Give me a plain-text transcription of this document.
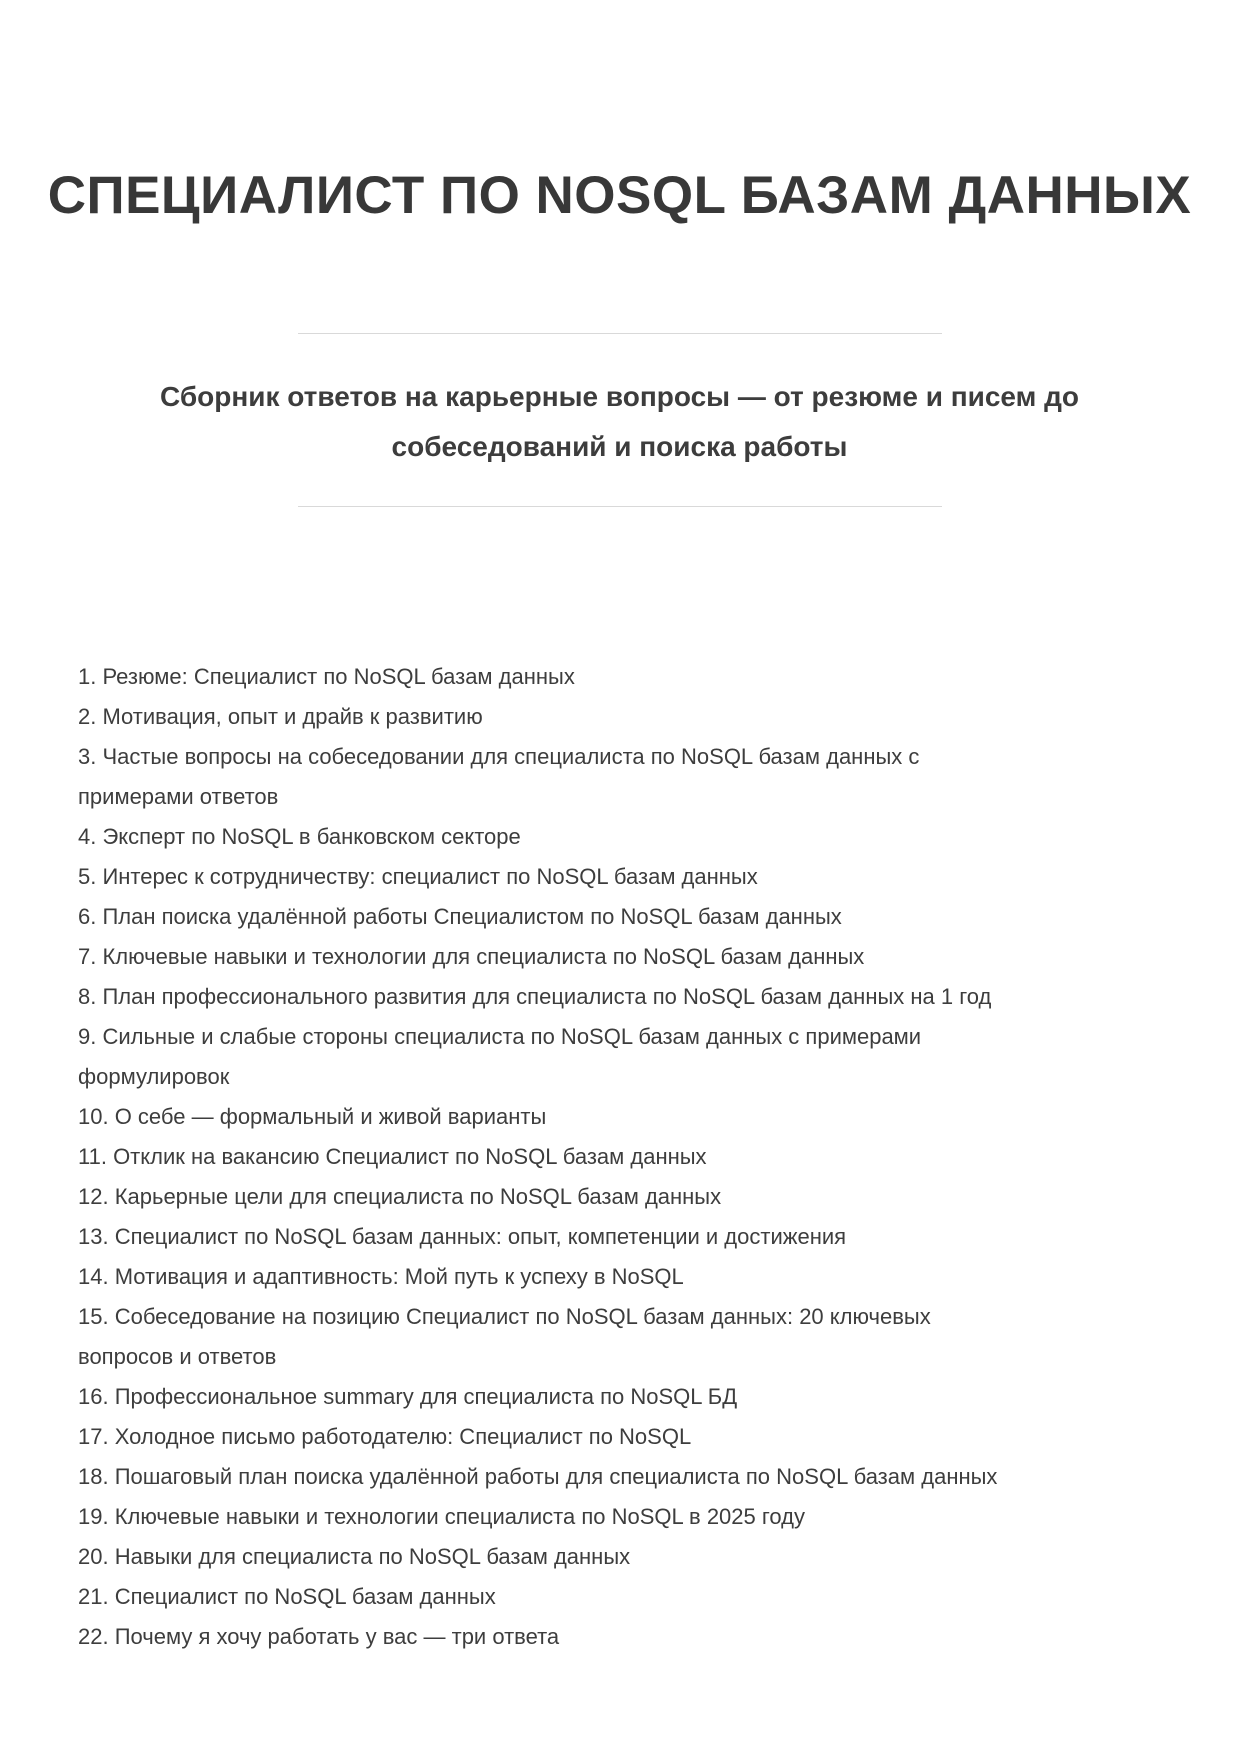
СПЕЦИАЛИСТ ПО NOSQL БАЗАМ ДАННЫХ
Сборник ответов на карьерные вопросы — от резюме и писем до собеседований и поиска работы

1. Резюме: Специалист по NoSQL базам данных

2. Мотивация, опыт и драйв к развитию

3. Частые вопросы на собеседовании для специалиста по NoSQL базам данных с примерами ответов

4. Эксперт по NoSQL в банковском секторе

5. Интерес к сотрудничеству: специалист по NoSQL базам данных

6. План поиска удалённой работы Специалистом по NoSQL базам данных

7. Ключевые навыки и технологии для специалиста по NoSQL базам данных

8. План профессионального развития для специалиста по NoSQL базам данных на 1 год

9. Сильные и слабые стороны специалиста по NoSQL базам данных с примерами формулировок

10. О себе — формальный и живой варианты

11. Отклик на вакансию Специалист по NoSQL базам данных

12. Карьерные цели для специалиста по NoSQL базам данных

13. Специалист по NoSQL базам данных: опыт, компетенции и достижения

14. Мотивация и адаптивность: Мой путь к успеху в NoSQL

15. Собеседование на позицию Специалист по NoSQL базам данных: 20 ключевых вопросов и ответов

16. Профессиональное summary для специалиста по NoSQL БД

17. Холодное письмо работодателю: Специалист по NoSQL

18. Пошаговый план поиска удалённой работы для специалиста по NoSQL базам данных

19. Ключевые навыки и технологии специалиста по NoSQL в 2025 году

20. Навыки для специалиста по NoSQL базам данных

21. Специалист по NoSQL базам данных

22. Почему я хочу работать у вас — три ответа
